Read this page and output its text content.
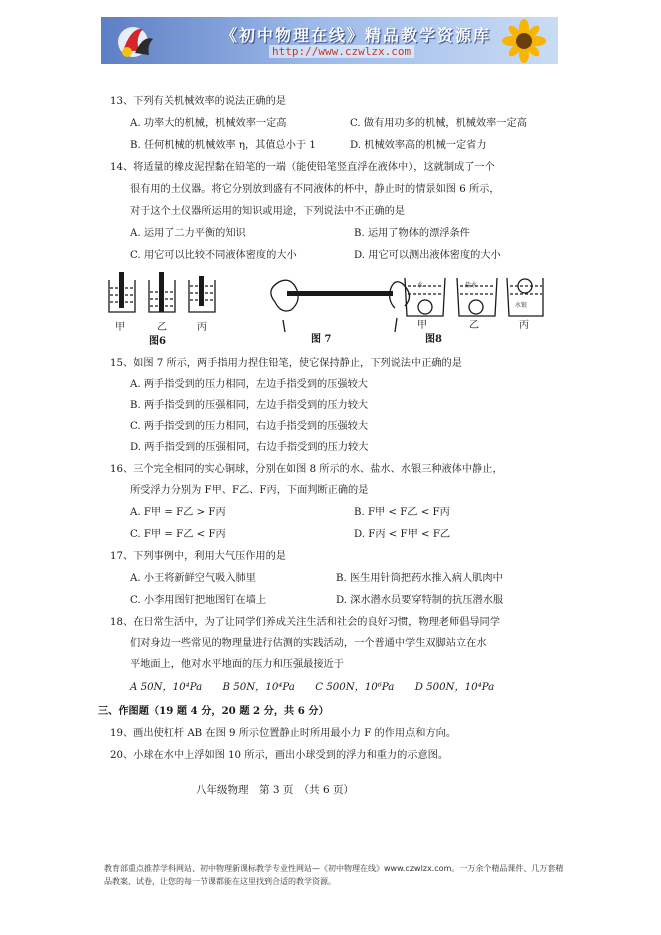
《初中物理在线》精品教学资源库
http://www.czwlzx.com
13、下列有关机械效率的说法正确的是
A. 功率大的机械，机械效率一定高	C. 做有用功多的机械，机械效率一定高
B. 任何机械的机械效率 η，其值总小于 1	D. 机械效率高的机械一定省力
14、将适量的橡皮泥捏黏在铅笔的一端（能使铅笔竖直浮在液体中），这就制成了一个
很有用的土仪器。将它分别放到盛有不同液体的杯中，静止时的情景如图 6 所示，
对于这个土仪器所运用的知识或用途，下列说法中不正确的是
A. 运用了二力平衡的知识	B. 运用了物体的漂浮条件
C. 用它可以比较不同液体密度的大小	D. 用它可以测出液体密度的大小
15、如图 7 所示，两手指用力捏住铅笔，使它保持静止，下列说法中正确的是
A. 两手指受到的压力相同，左边手指受到的压强较大
B. 两手指受到的压强相同，左边手指受到的压力较大
C. 两手指受到的压力相同，右边手指受到的压强较大
D. 两手指受到的压强相同，右边手指受到的压力较大
16、三个完全相同的实心铜球，分别在如图 8 所示的水、盐水、水银三种液体中静止，
所受浮力分别为 F甲、F乙、F丙，下面判断正确的是
A. F甲 = F乙 > F丙	B. F甲 < F乙 < F丙
C. F甲 = F乙 < F丙	D. F丙 < F甲 < F乙
17、下列事例中，利用大气压作用的是
A. 小王将新鲜空气吸入肺里	B. 医生用针筒把药水推入病人肌肉中
C. 小李用图钉把地图钉在墙上	D. 深水潜水员要穿特制的抗压潜水服
18、在日常生活中，为了让同学们养成关注生活和社会的良好习惯，物理老师倡导同学
们对身边一些常见的物理量进行估测的实践活动，一个普通中学生双脚站立在水
平地面上，他对水平地面的压力和压强最接近于
A 50N，10⁴Pa　　B 50N，10⁴Pa　　C 500N，10⁶Pa　　D 500N，10⁴Pa
三、作图题（19 题 4 分，20 题 2 分，共 6 分）
19、画出使杠杆 AB 在图 9 所示位置静止时所用最小力 F 的作用点和方向。
20、小球在水中上浮如图 10 所示，画出小球受到的浮力和重力的示意图。
甲	乙	丙
图6	图 7
水	盐水
水银
甲	乙	丙
图8
八年级物理　第 3 页　（共 6 页）
教育部重点推荐学科网站、初中物理新课标教学专业性网站—《初中物理在线》www.czwlzx.com。一万余个精品课件、几万套精品教案、试卷，让您的每一节课都能在这里找到合适的教学资源。
